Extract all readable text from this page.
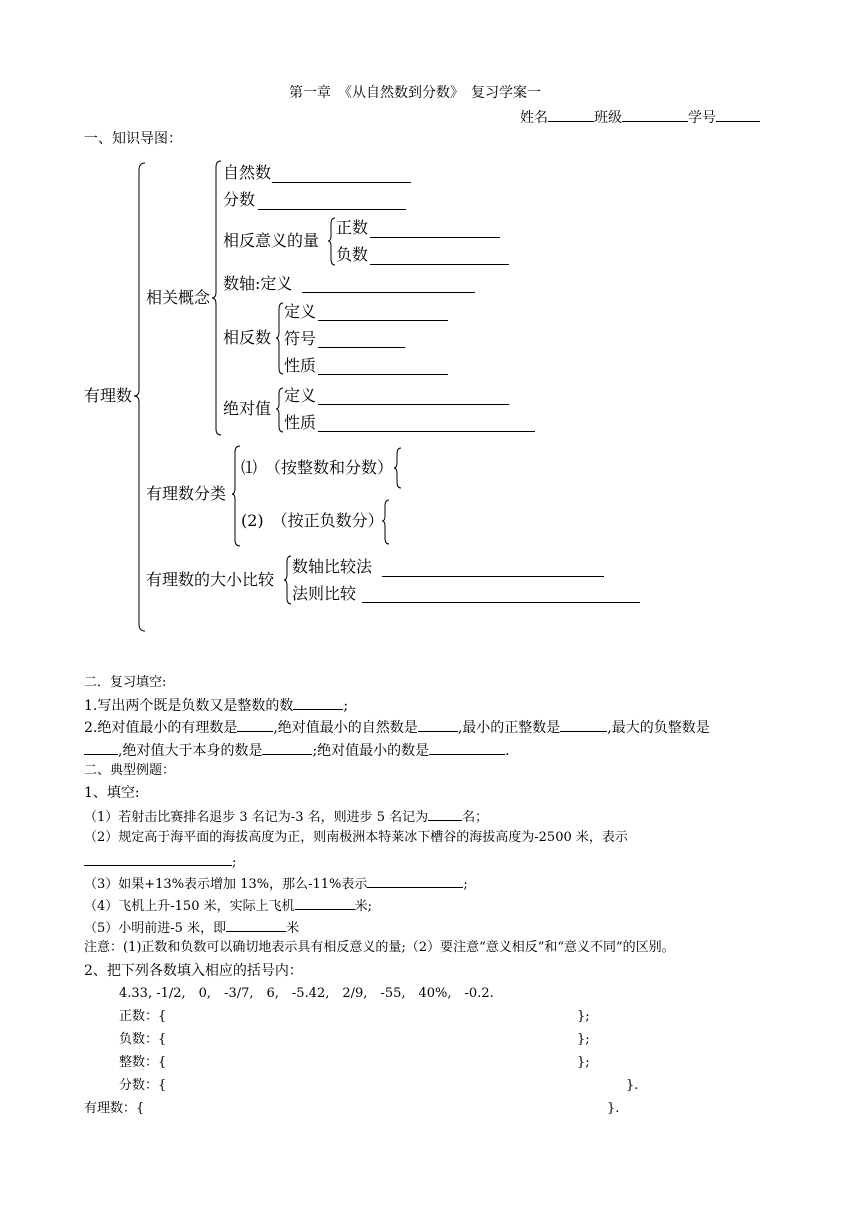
第一章　《从自然数到分数》　复习学案一
姓名	班级	学号
一、知识导图：
有理数
相关概念
自然数
分数
相反意义的量
正数
负数
数轴:定义
相反数
定义
符号
性质
绝对值
定义
性质
有理数分类
⑴　（按整数和分数）
(2)　（按正负数分）
有理数的大小比较
数轴比较法
法则比较
二．复习填空:
1.写出两个既是负数又是整数的数	;
2.绝对值最小的有理数是	,绝对值最小的自然数是	,最小的正整数是	,最大的负整数是
,绝对值大于本身的数是	;绝对值最小的数是	.
二、典型例题：
1、填空:
（1）若射击比赛排名退步 3 名记为-3 名，则进步 5 名记为	名；
（2）规定高于海平面的海拔高度为正，则南极洲本特莱冰下槽谷的海拔高度为-2500 米，表示
;
（3）如果+13%表示增加 13%，那么-11%表示	;
（4）飞机上升-150 米，实际上飞机	米;
（5）小明前进-5 米，即	米
注意：(1)正数和负数可以确切地表示具有相反意义的量;（2）要注意“意义相反”和“意义不同”的区别。
2、把下列各数填入相应的括号内：
4.33, -1/2,　0,　-3/7,　6,　-5.42,　2/9,　-55,　40%,　-0.2.
正数：{	};
负数：{	};
整数：{	};
分数：{	}.
有理数：{	}.
